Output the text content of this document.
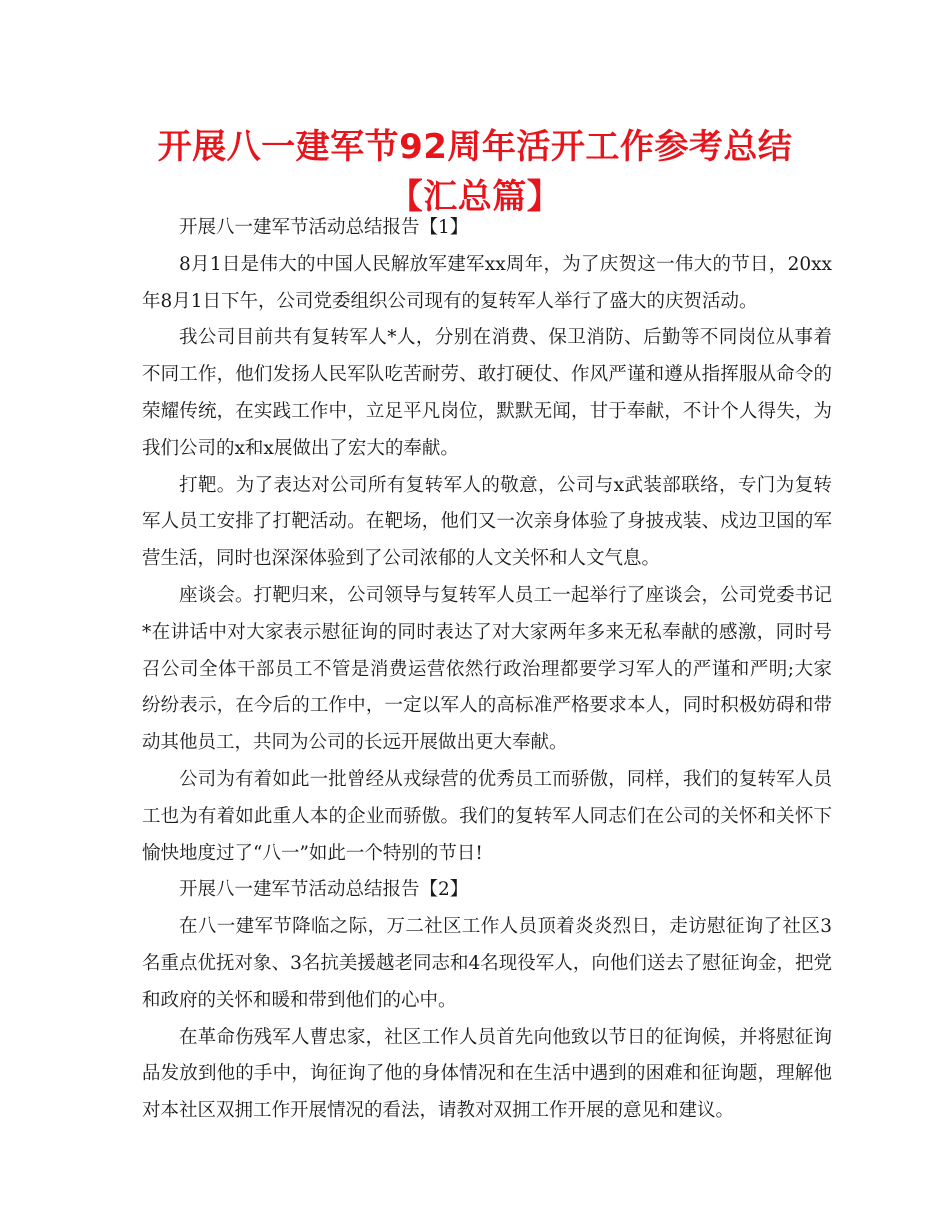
开展八一建军节92周年活开工作参考总结【汇总篇】

开展八一建军节活动总结报告【1】

8月1日是伟大的中国人民解放军建军xx周年，为了庆贺这一伟大的节日，20xx年8月1日下午，公司党委组织公司现有的复转军人举行了盛大的庆贺活动。

我公司目前共有复转军人*人，分别在消费、保卫消防、后勤等不同岗位从事着不同工作，他们发扬人民军队吃苦耐劳、敢打硬仗、作风严谨和遵从指挥服从命令的荣耀传统，在实践工作中，立足平凡岗位，默默无闻，甘于奉献，不计个人得失，为我们公司的x和x展做出了宏大的奉献。

打靶。为了表达对公司所有复转军人的敬意，公司与x武装部联络，专门为复转军人员工安排了打靶活动。在靶场，他们又一次亲身体验了身披戎装、戍边卫国的军营生活，同时也深深体验到了公司浓郁的人文关怀和人文气息。

座谈会。打靶归来，公司领导与复转军人员工一起举行了座谈会，公司党委书记*在讲话中对大家表示慰征询的同时表达了对大家两年多来无私奉献的感激，同时号召公司全体干部员工不管是消费运营依然行政治理都要学习军人的严谨和严明;大家纷纷表示，在今后的工作中，一定以军人的高标准严格要求本人，同时积极妨碍和带动其他员工，共同为公司的长远开展做出更大奉献。

公司为有着如此一批曾经从戎绿营的优秀员工而骄傲，同样，我们的复转军人员工也为有着如此重人本的企业而骄傲。我们的复转军人同志们在公司的关怀和关怀下愉快地度过了“八一”如此一个特别的节日!

开展八一建军节活动总结报告【2】

在八一建军节降临之际，万二社区工作人员顶着炎炎烈日，走访慰征询了社区3名重点优抚对象、3名抗美援越老同志和4名现役军人，向他们送去了慰征询金，把党和政府的关怀和暖和带到他们的心中。

在革命伤残军人曹忠家，社区工作人员首先向他致以节日的征询候，并将慰征询品发放到他的手中，询征询了他的身体情况和在生活中遇到的困难和征询题，理解他对本社区双拥工作开展情况的看法，请教对双拥工作开展的意见和建议。
